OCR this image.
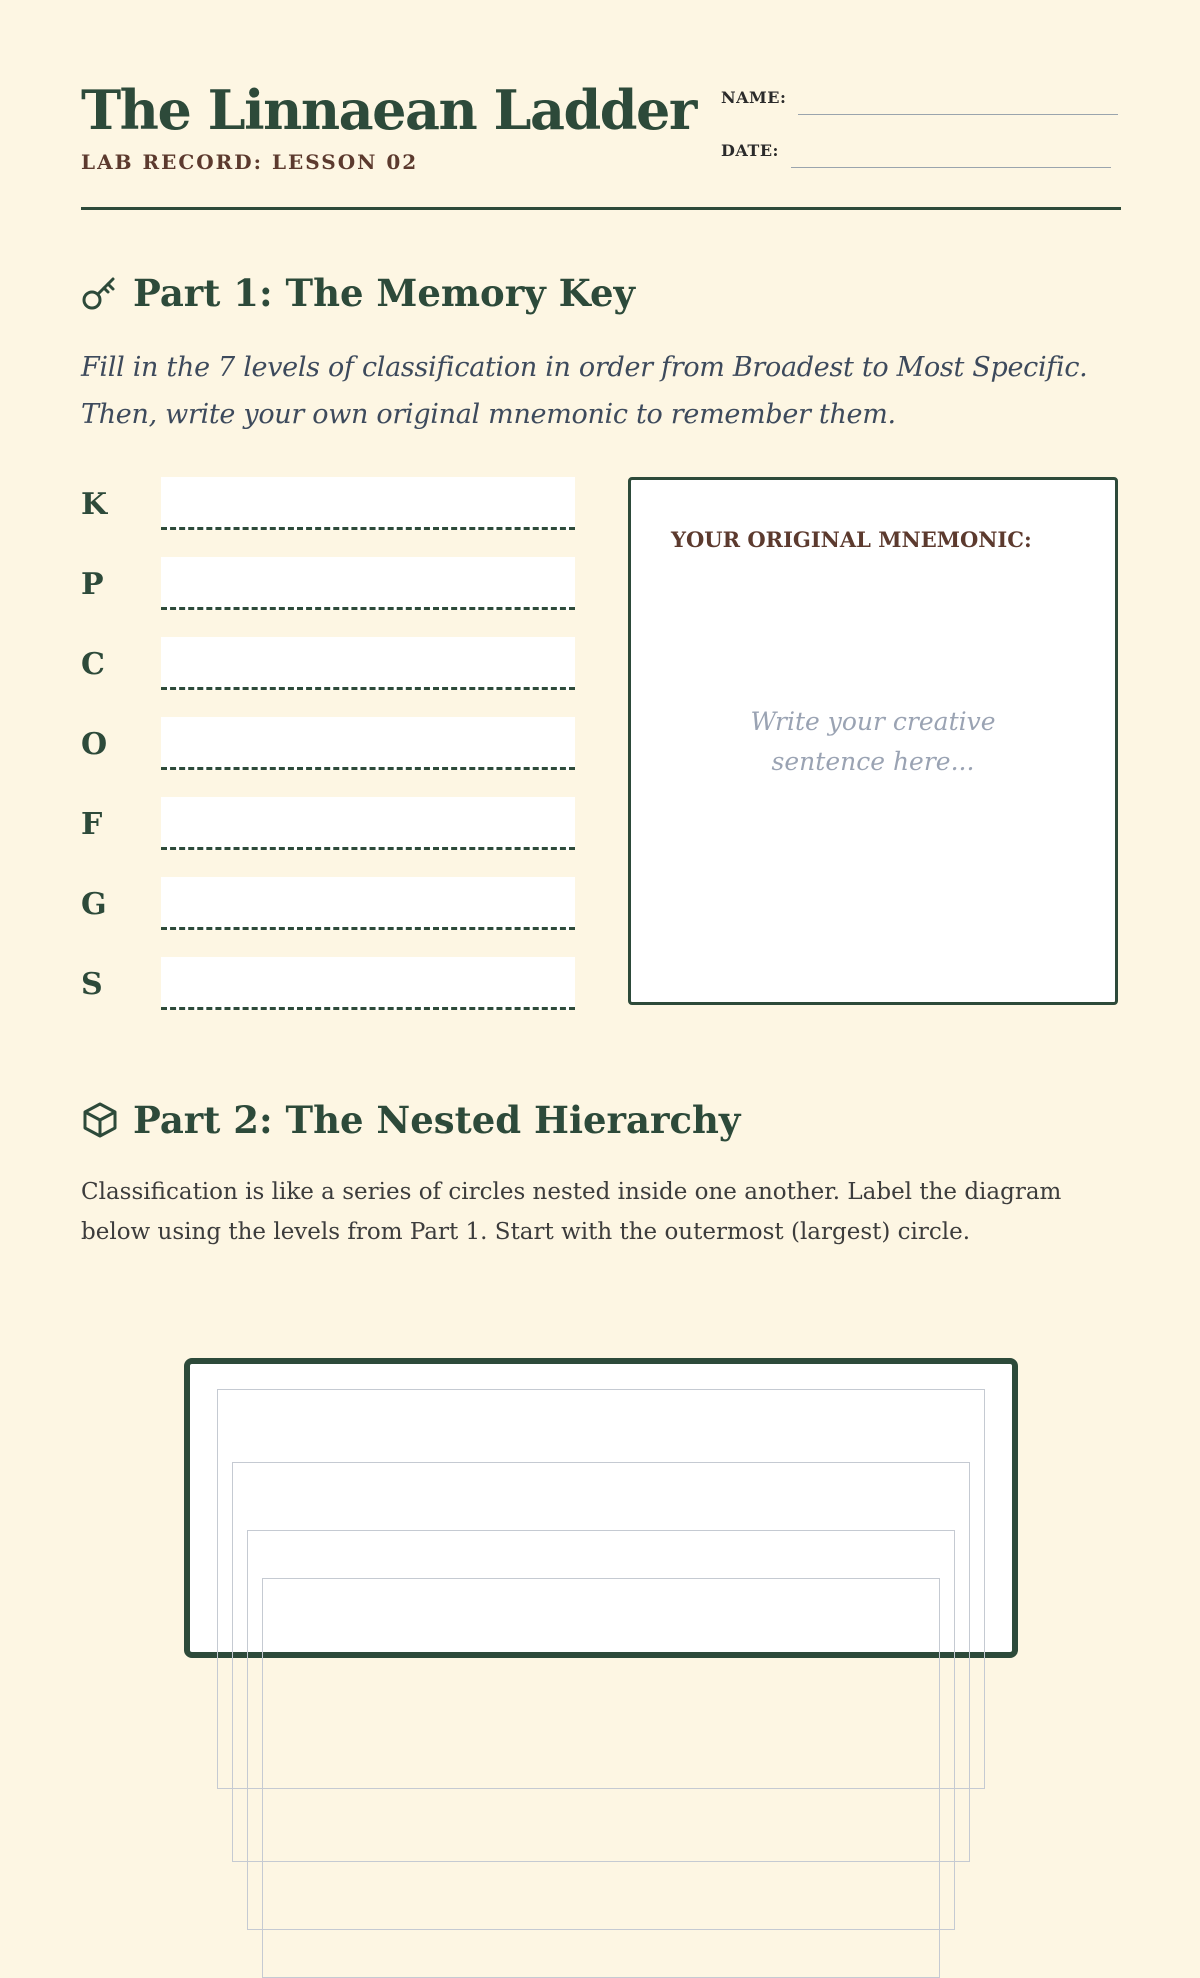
The Linnaean Ladder
LAB RECORD: LESSON 02
NAME:
DATE:
Part 1: The Memory Key
Fill in the 7 levels of classification in order from Broadest to Most Specific. Then, write your own original mnemonic to remember them.
K
P
C
O
F
G
S
YOUR ORIGINAL MNEMONIC:
Write your creative sentence here...
Part 2: The Nested Hierarchy
Classification is like a series of circles nested inside one another. Label the diagram below using the levels from Part 1. Start with the outermost (largest) circle.
